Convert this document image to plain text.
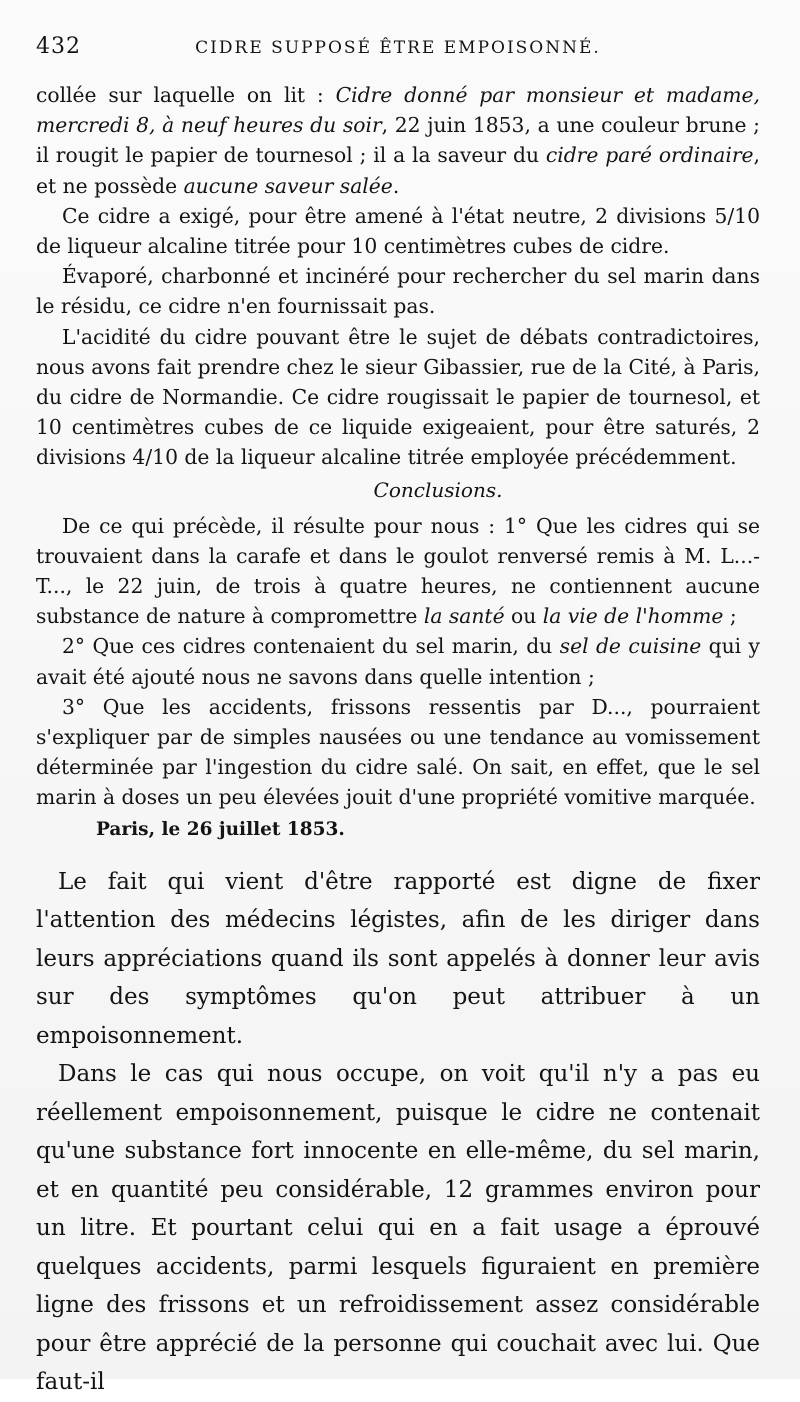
432	CIDRE SUPPOSÉ ÊTRE EMPOISONNÉ.

collée sur laquelle on lit : Cidre donné par monsieur et madame, mercredi 8, à neuf heures du soir, 22 juin 1853, a une couleur brune ; il rougit le papier de tournesol ; il a la saveur du cidre paré ordinaire, et ne possède aucune saveur salée.

Ce cidre a exigé, pour être amené à l'état neutre, 2 divisions 5/10 de liqueur alcaline titrée pour 10 centimètres cubes de cidre.

Évaporé, charbonné et incinéré pour rechercher du sel marin dans le résidu, ce cidre n'en fournissait pas.

L'acidité du cidre pouvant être le sujet de débats contradictoires, nous avons fait prendre chez le sieur Gibassier, rue de la Cité, à Paris, du cidre de Normandie. Ce cidre rougissait le papier de tournesol, et 10 centimètres cubes de ce liquide exigeaient, pour être saturés, 2 divisions 4/10 de la liqueur alcaline titrée employée précédemment.

Conclusions.

De ce qui précède, il résulte pour nous : 1° Que les cidres qui se trouvaient dans la carafe et dans le goulot renversé remis à M. L...-T..., le 22 juin, de trois à quatre heures, ne contiennent aucune substance de nature à compromettre la santé ou la vie de l'homme ;

2° Que ces cidres contenaient du sel marin, du sel de cuisine qui y avait été ajouté nous ne savons dans quelle intention ;

3° Que les accidents, frissons ressentis par D..., pourraient s'expliquer par de simples nausées ou une tendance au vomissement déterminée par l'ingestion du cidre salé. On sait, en effet, que le sel marin à doses un peu élevées jouit d'une propriété vomitive marquée.

Paris, le 26 juillet 1853.

Le fait qui vient d'être rapporté est digne de fixer l'attention des médecins légistes, afin de les diriger dans leurs appréciations quand ils sont appelés à donner leur avis sur des symptômes qu'on peut attribuer à un empoisonnement.

Dans le cas qui nous occupe, on voit qu'il n'y a pas eu réellement empoisonnement, puisque le cidre ne contenait qu'une substance fort innocente en elle-même, du sel marin, et en quantité peu considérable, 12 grammes environ pour un litre. Et pourtant celui qui en a fait usage a éprouvé quelques accidents, parmi lesquels figuraient en première ligne des frissons et un refroidissement assez considérable pour être apprécié de la personne qui couchait avec lui. Que faut-il
